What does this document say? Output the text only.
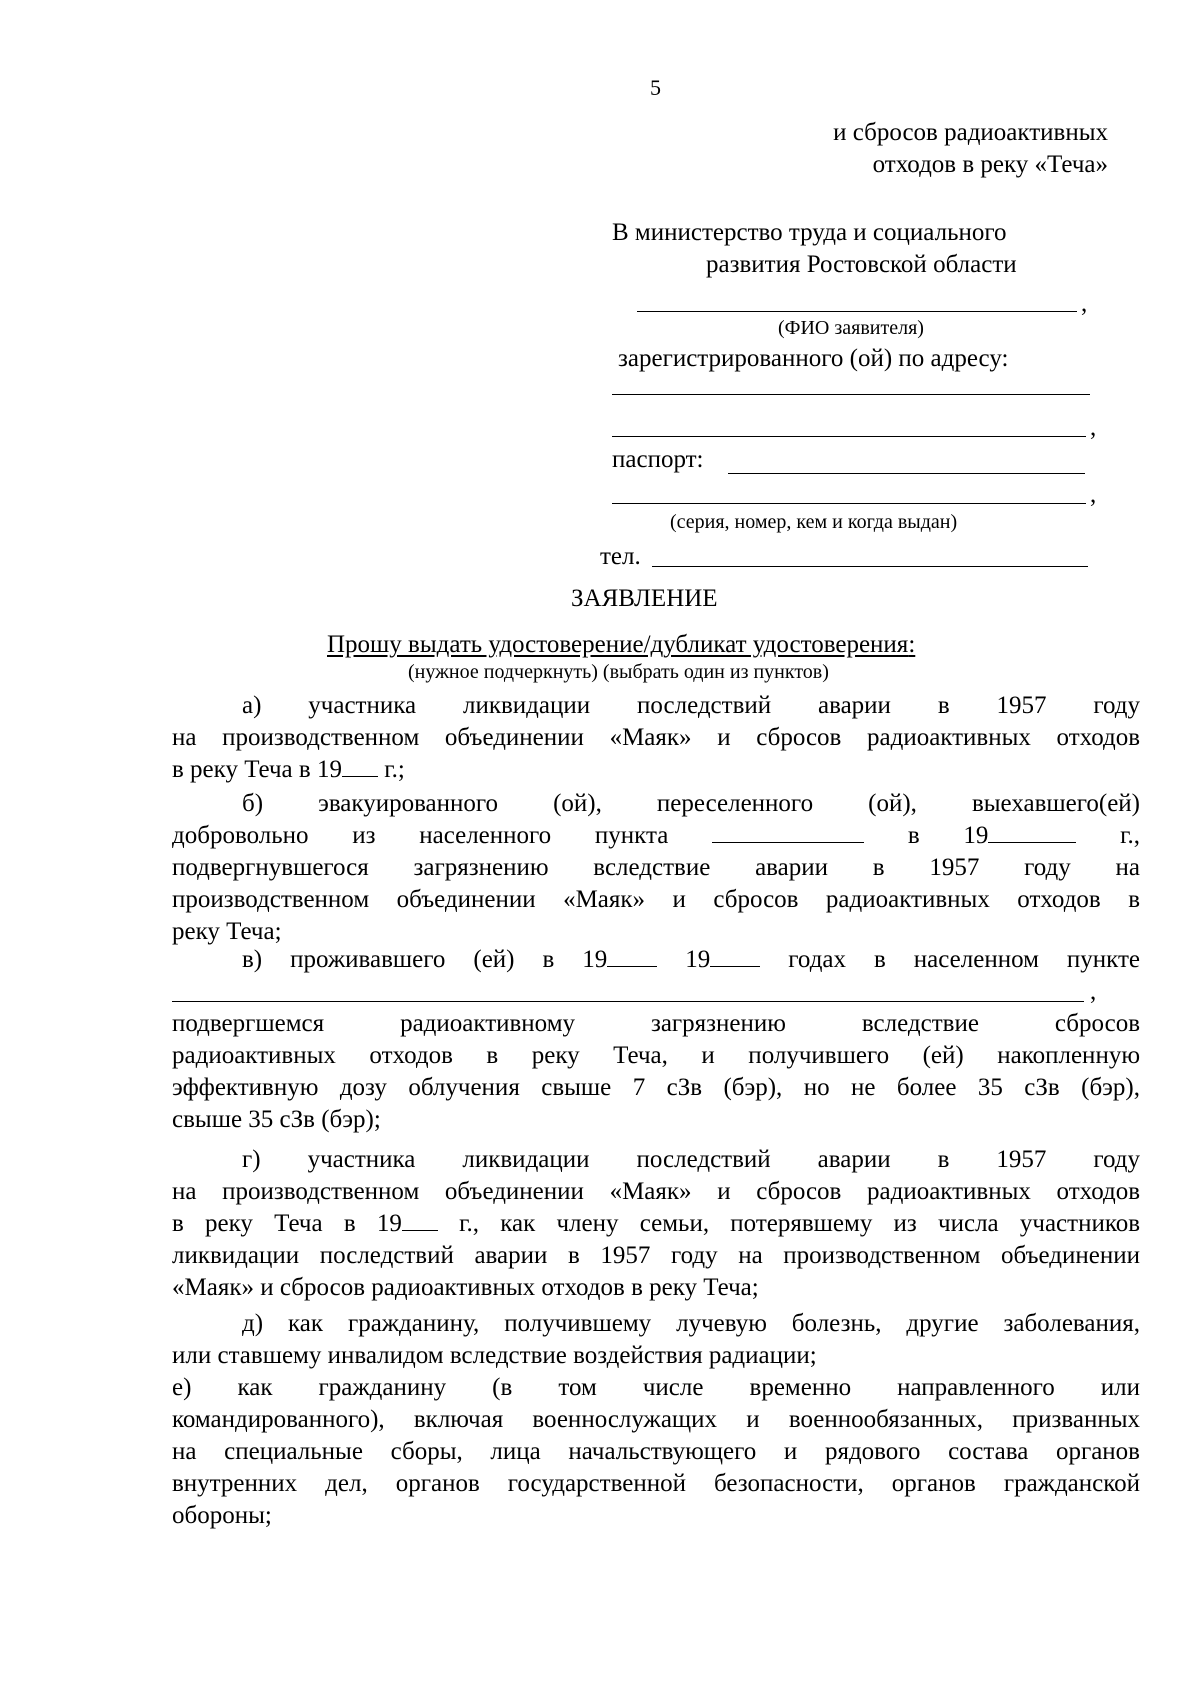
5
и сбросов радиоактивных
отходов в реку «Теча»
В министерство труда и социального
развития Ростовской области
,
(ФИО заявителя)
зарегистрированного (ой) по адресу:
,
паспорт:
,
(серия, номер, кем и когда выдан)
тел.
ЗАЯВЛЕНИЕ
Прошу выдать удостоверение/дубликат удостоверения:
(нужное подчеркнуть) (выбрать один из пунктов)
а) участника ликвидации последствий аварии в 1957 году
на производственном объединении «Маяк» и сбросов радиоактивных отходов
в реку Теча в 19 г.;
б) эвакуированного (ой), переселенного (ой), выехавшего(ей)
добровольно из населенного пункта	в 19	г.,
подвергнувшегося загрязнению вследствие аварии в 1957 году на
производственном объединении «Маяк» и сбросов радиоактивных отходов в
реку Теча;
в) проживавшего (ей) в 19	19	годах в населенном пункте
,
подвергшемся радиоактивному загрязнению вследствие сбросов
радиоактивных отходов в реку Теча, и получившего (ей) накопленную
эффективную дозу облучения свыше 7 сЗв (бэр), но не более 35 сЗв (бэр),
свыше 35 сЗв (бэр);
г) участника ликвидации последствий аварии в 1957 году
на производственном объединении «Маяк» и сбросов радиоактивных отходов
в реку Теча в 19 г., как члену семьи, потерявшему из числа участников
ликвидации последствий аварии в 1957 году на производственном объединении
«Маяк» и сбросов радиоактивных отходов в реку Теча;
д) как гражданину, получившему лучевую болезнь, другие заболевания,
или ставшему инвалидом вследствие воздействия радиации;
е) как гражданину (в том числе временно направленного или
командированного), включая военнослужащих и военнообязанных, призванных
на специальные сборы, лица начальствующего и рядового состава органов
внутренних дел, органов государственной безопасности, органов гражданской
обороны;
